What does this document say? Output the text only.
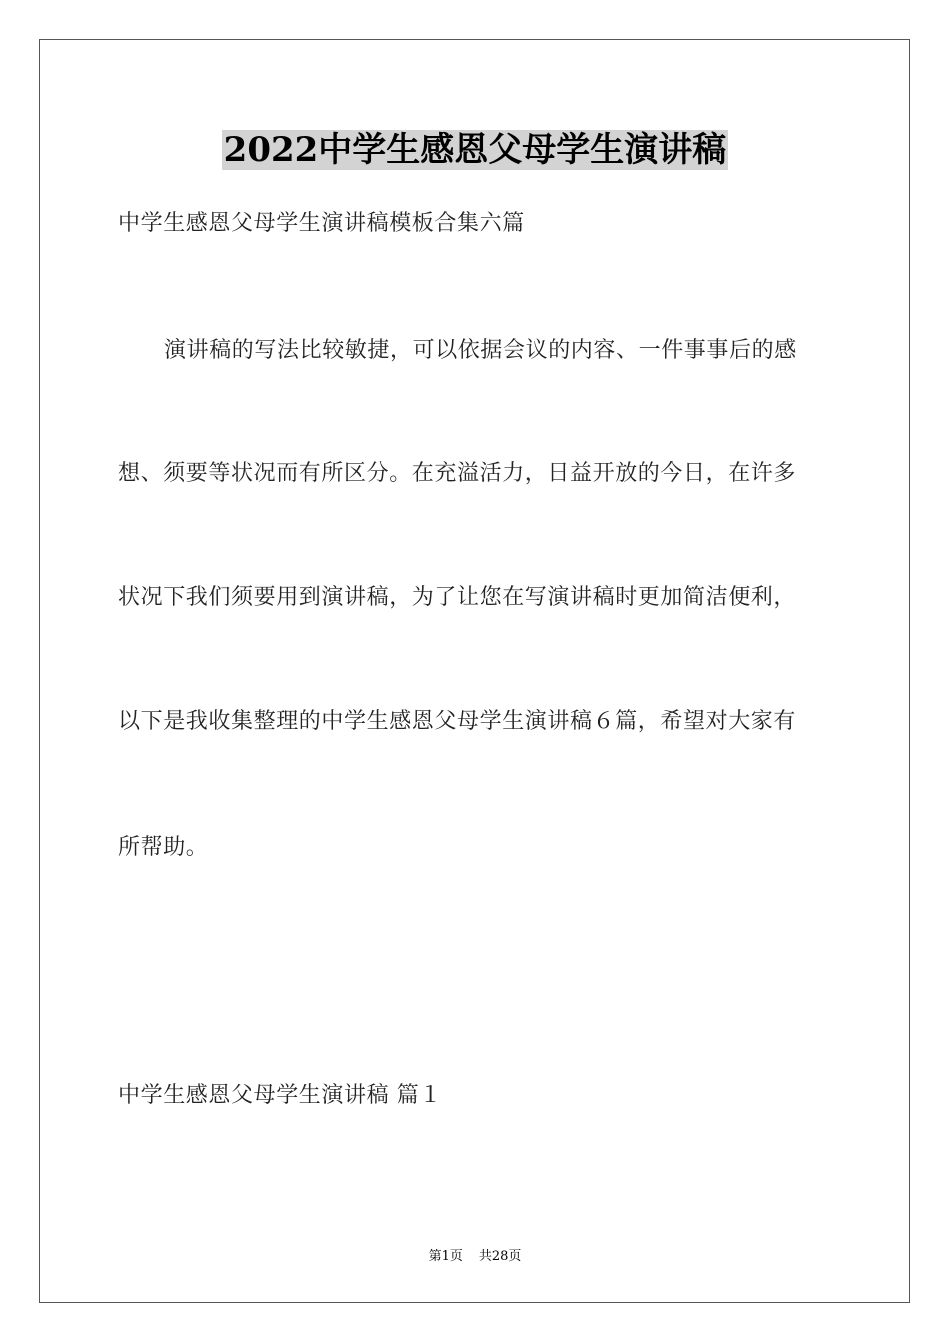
2022中学生感恩父母学生演讲稿
中学生感恩父母学生演讲稿模板合集六篇
演讲稿的写法比较敏捷，可以依据会议的内容、一件事事后的感
想、须要等状况而有所区分。在充溢活力，日益开放的今日，在许多
状况下我们须要用到演讲稿，为了让您在写演讲稿时更加简洁便利，
以下是我收集整理的中学生感恩父母学生演讲稿６篇，希望对大家有
所帮助。
中学生感恩父母学生演讲稿 篇１
第1页 共28页
